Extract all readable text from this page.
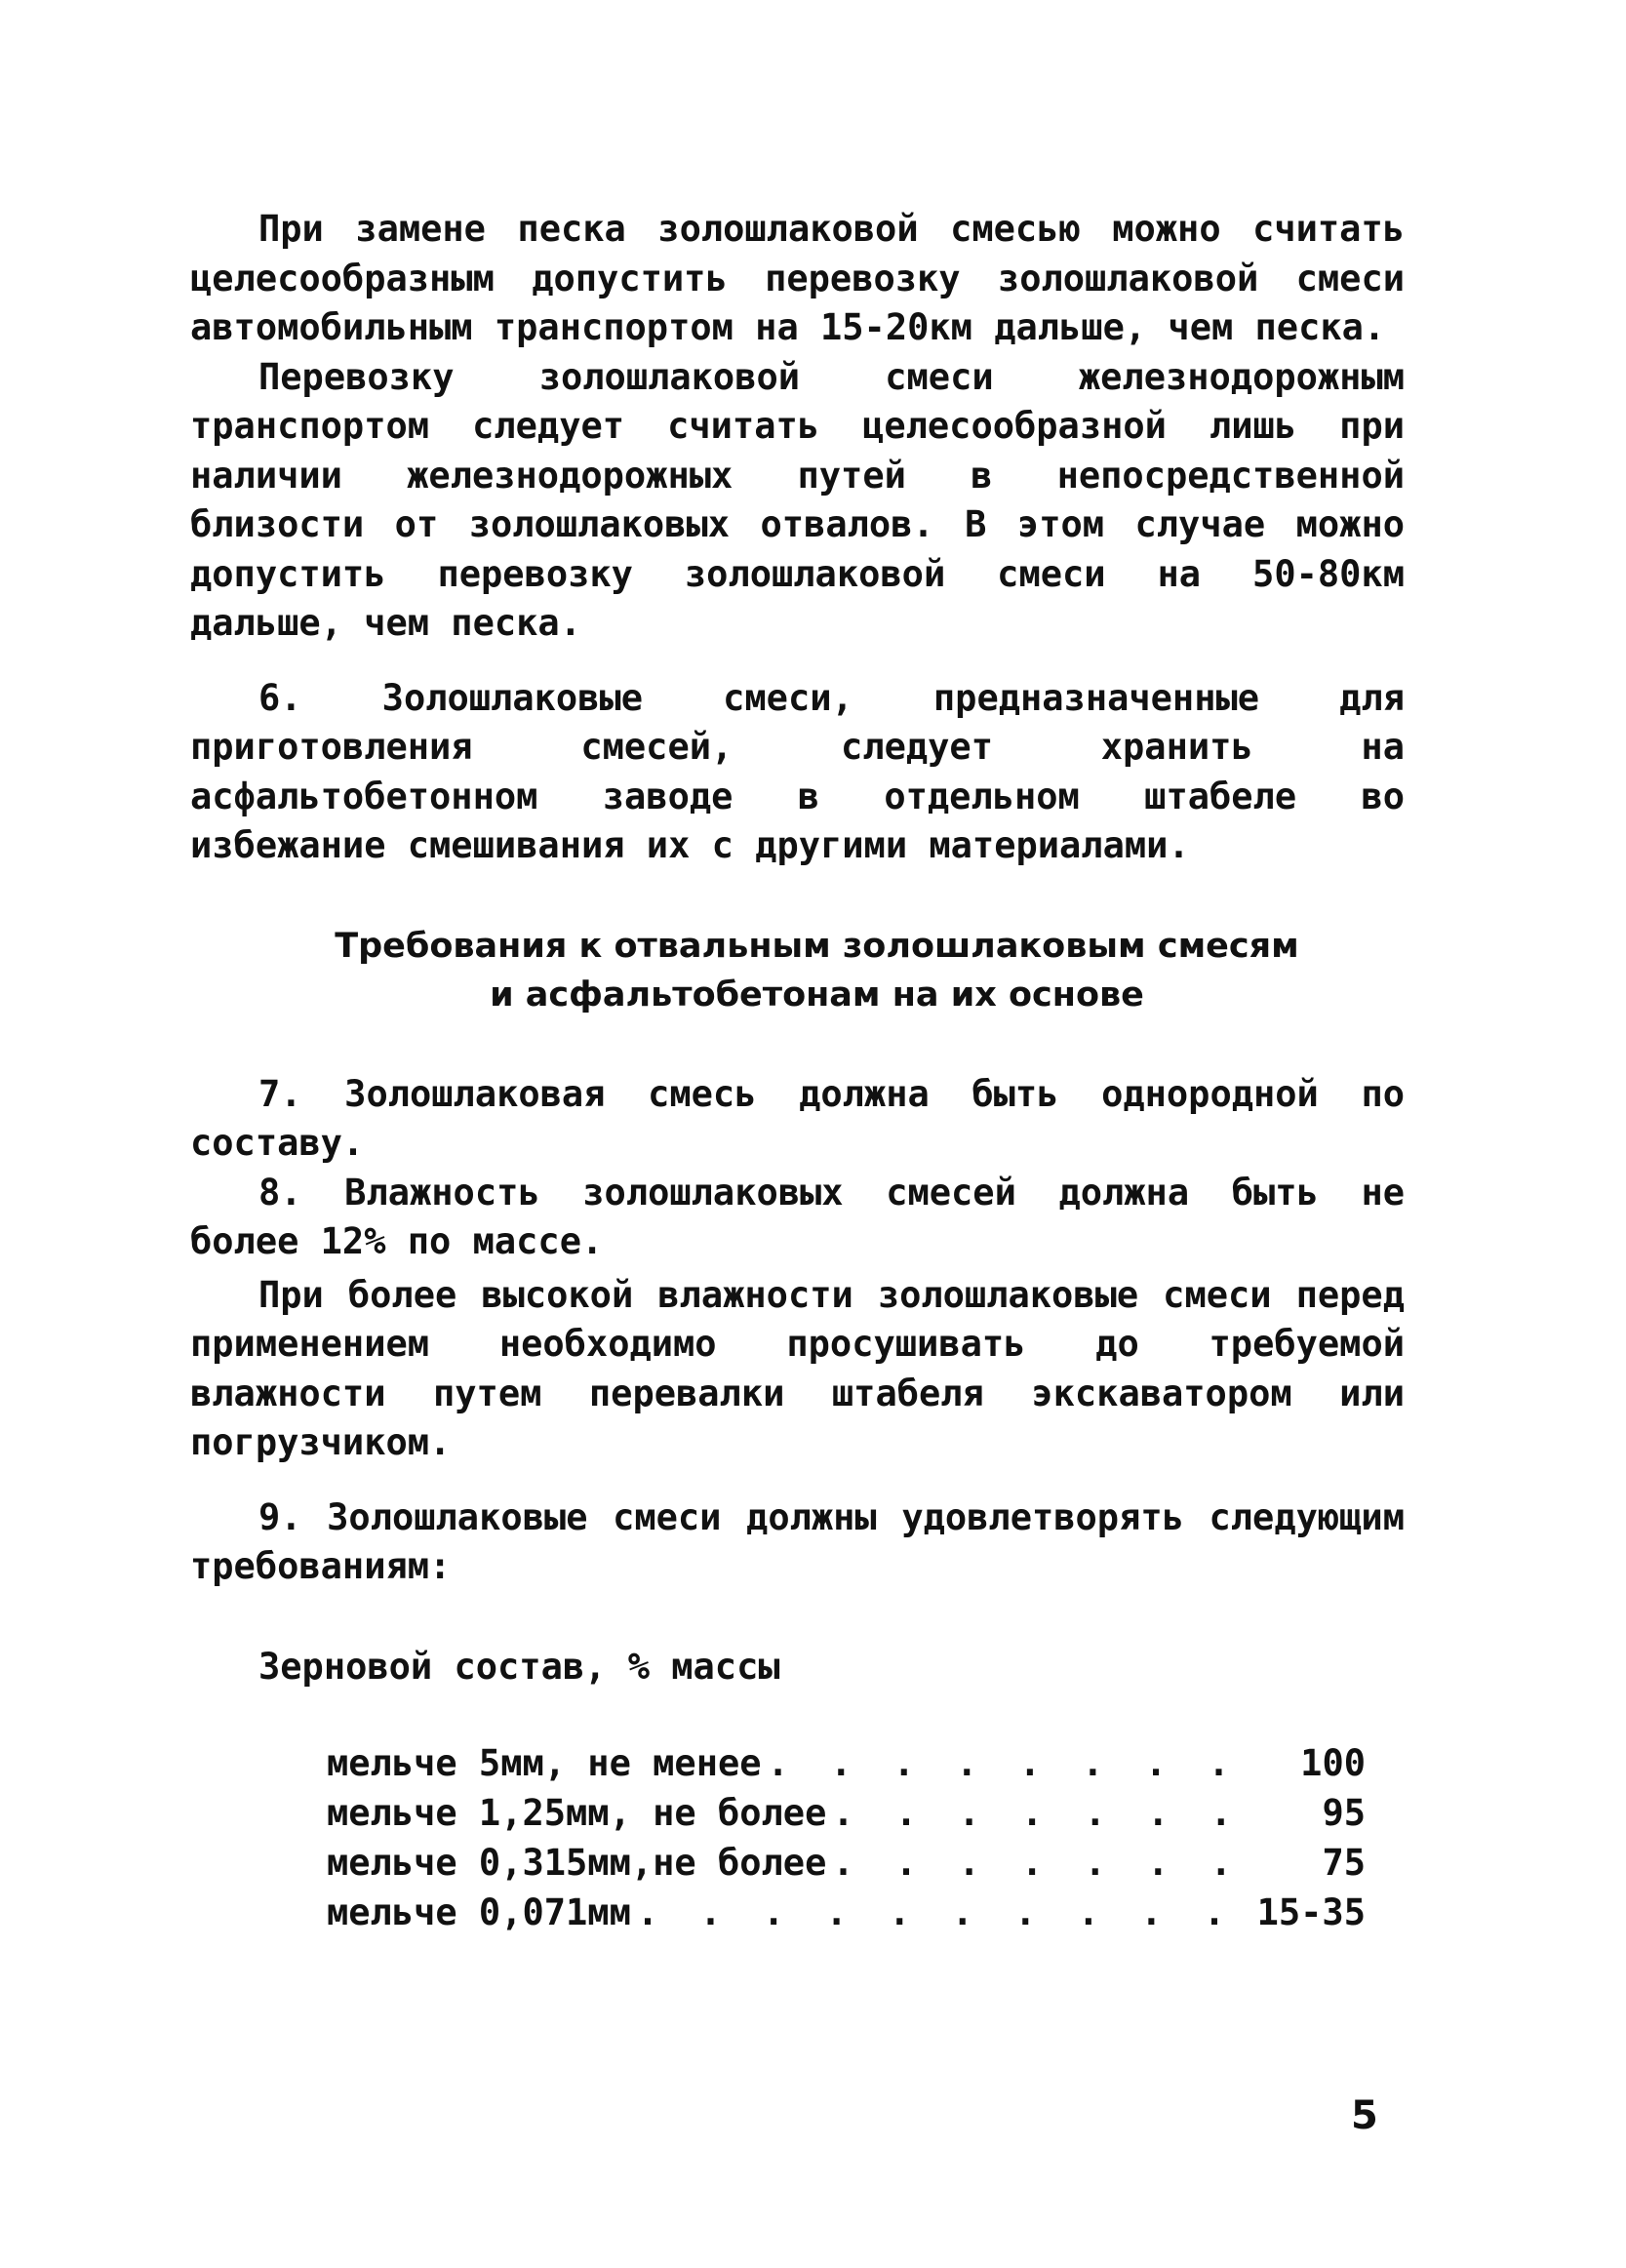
При замене песка золошлаковой смесью можно считать целесообразным допустить перевозку золошлаковой смеси автомобильным транспортом на 15-20км дальше, чем песка.

Перевозку золошлаковой смеси железнодорожным транспортом следует считать целесообразной лишь при наличии железнодорожных путей в непосредственной близости от золошлаковых отвалов. В этом случае можно допустить перевозку золошлаковой смеси на 50-80км дальше, чем песка.

6. Золошлаковые смеси, предназначенные для приготовления смесей, следует хранить на асфальтобетонном заводе в отдельном штабеле во избежание смешивания их с другими материалами.

Требования к отвальным золошлаковым смесям

и асфальтобетонам на их основе

7. Золошлаковая смесь должна быть однородной по составу.

8. Влажность золошлаковых смесей должна быть не более 12% по массе.

При более высокой влажности золошлаковые смеси перед применением необходимо просушивать до требуемой влажности путем перевалки штабеля экскаватором или погрузчиком.

9. Золошлаковые смеси должны удовлетворять следующим требованиям:

Зерновой состав, % массы

мельче 5мм, не менее . . .	100
мельче 1,25мм, не более . . .	95
мельче 0,315мм,не более . . .	75
мельче 0,071мм . . .	15-35
5
